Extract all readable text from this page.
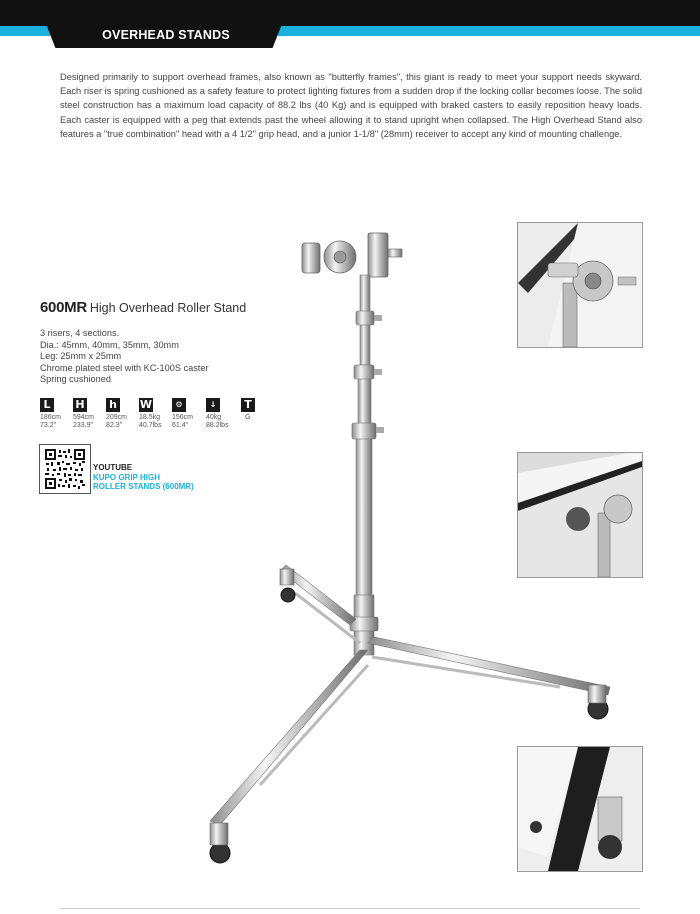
OVERHEAD STANDS

Designed primarily to support overhead frames, also known as "butterfly frames", this giant is ready to meet your support needs skyward. Each riser is spring cushioned as a safety feature to protect lighting fixtures from a sudden drop if the locking collar becomes loose. The solid steel construction has a maximum load capacity of 88.2 lbs (40 Kg) and is equipped with braked casters to easily reposition heavy loads. Each caster is equipped with a peg that extends past the wheel allowing it to stand upright when collapsed. The High Overhead Stand also features a "true combination" head with a 4 1/2" grip head, and a junior 1-1/8" (28mm) receiver to accept any kind of mounting challenge.

600MR High Overhead Roller Stand
3 risers, 4 sections.
Dia.: 45mm, 40mm, 35mm, 30mm
Leg: 25mm x 25mm
Chrome plated steel with KC-100S caster
Spring cushioned
L
186cm
73.2"
H
594cm
233.9"
h
209cm
82.3"
W
18.5kg
40.7lbs
⚙
156cm
61.4"
↓
40kg
88.2lbs
T
G
YOUTUBE
KUPO GRIP HIGH
ROLLER STANDS (600MR)
